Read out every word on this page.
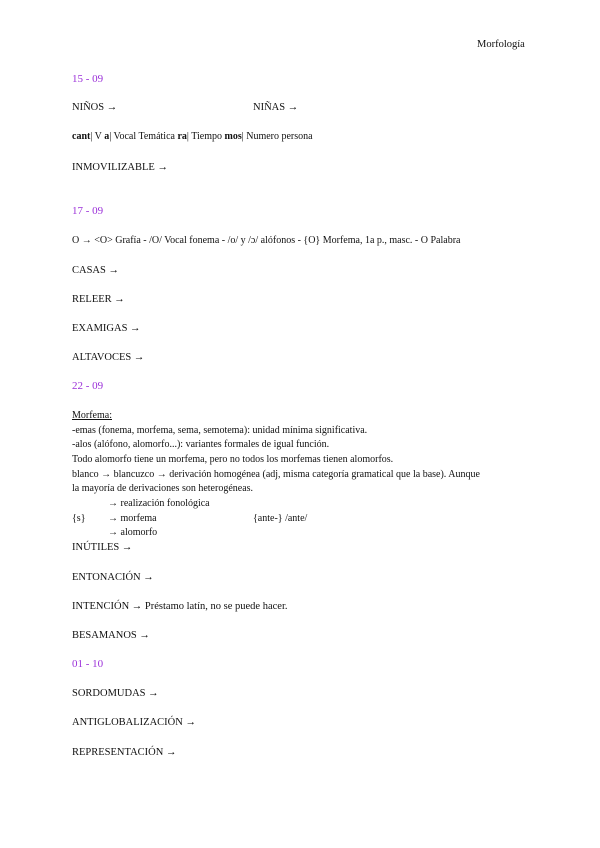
Morfología
15 - 09
NIÑOS →	NIÑAS →
cant| V a| Vocal Temática ra| Tiempo mos| Numero persona
INMOVILIZABLE →
17 - 09
O → <O> Grafía - /O/ Vocal fonema - /o/ y /ɔ/ alófonos - {O} Morfema, 1a p., masc. - O Palabra
CASAS →
RELEER →
EXAMIGAS →
ALTAVOCES →
22 - 09
Morfema:
-emas (fonema, morfema, sema, semotema): unidad mínima significativa.
-alos (alófono, alomorfo...): variantes formales de igual función.
Todo alomorfo tiene un morfema, pero no todos los morfemas tienen alomorfos.
blanco → blancuzco → derivación homogénea (adj, misma categoría gramatical que la base). Aunque
la mayoría de derivaciones son heterogéneas.
→ realización fonológica
{s} → morfema	{ante-} /ante/
→ alomorfo
INÚTILES →
ENTONACIÓN →
INTENCIÓN → Préstamo latín, no se puede hacer.
BESAMANOS →
01 - 10
SORDOMUDAS →
ANTIGLOBALIZACIÓN →
REPRESENTACIÓN →
